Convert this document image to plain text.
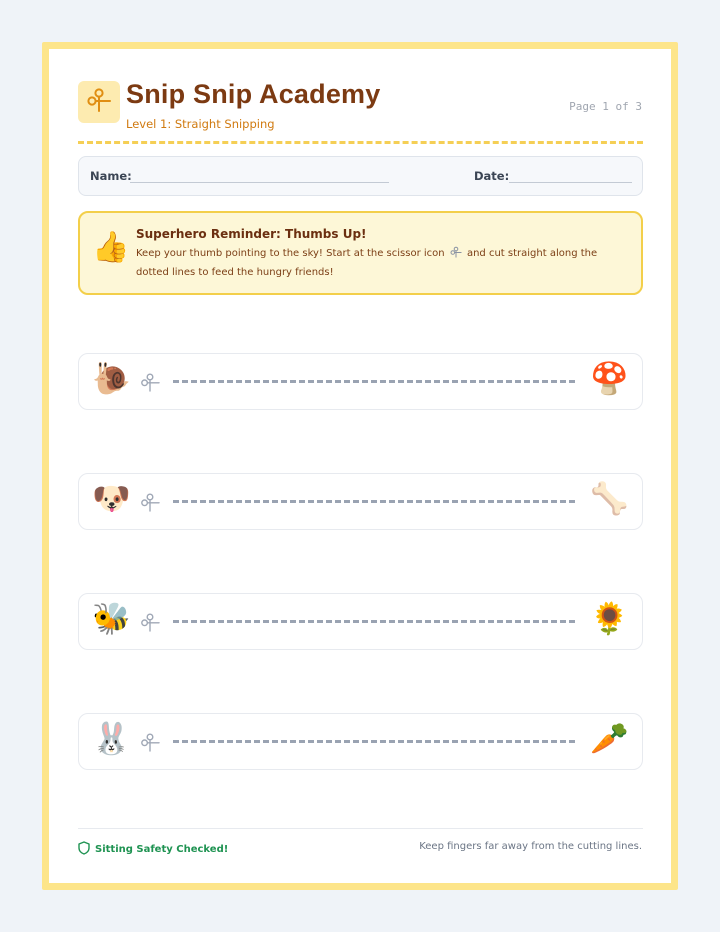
Snip Snip Academy
Level 1: Straight Snipping
Page 1 of 3
Name:	Date:
👍 Superhero Reminder: Thumbs Up!
Keep your thumb pointing to the sky! Start at the scissor icon and cut straight along the dotted lines to feed the hungry friends!
🐌	🍄
🐶	🦴
🐝	🌻
🐰	🥕
Sitting Safety Checked!	Keep fingers far away from the cutting lines.
